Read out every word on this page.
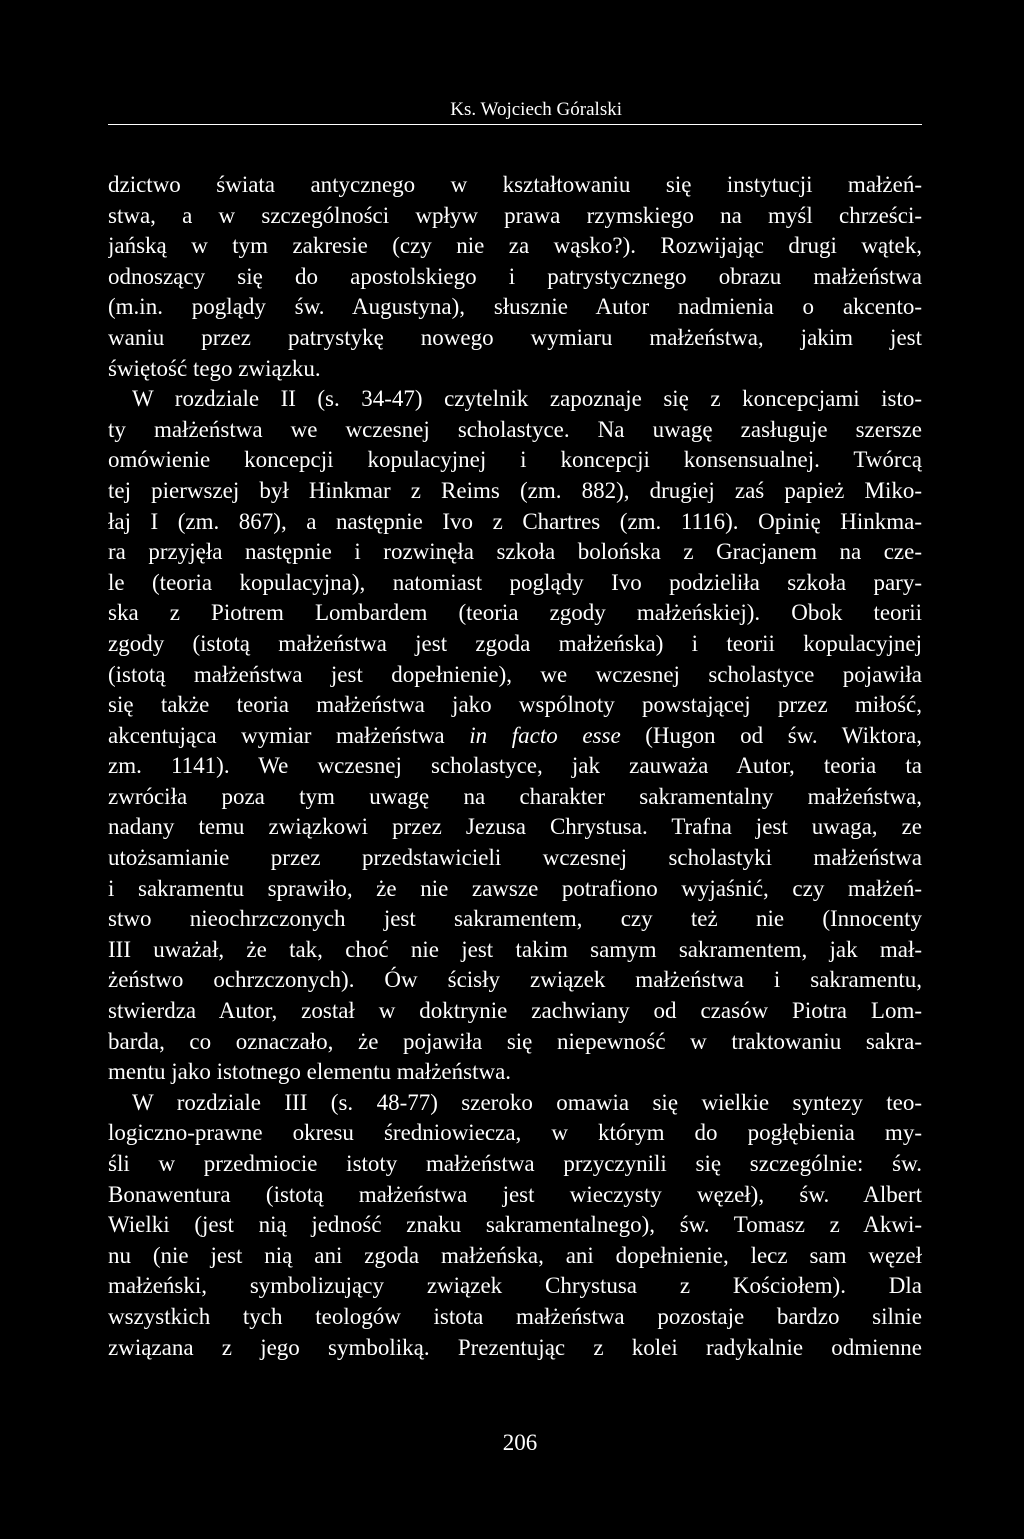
Ks. Wojciech Góralski
dzictwo świata antycznego w kształtowaniu się instytucji małżeń-
stwa, a w szczególności wpływ prawa rzymskiego na myśl chrześci-
jańską w tym zakresie (czy nie za wąsko?). Rozwijając drugi wątek,
odnoszący się do apostolskiego i patrystycznego obrazu małżeństwa
(m.in. poglądy św. Augustyna), słusznie Autor nadmienia o akcento-
waniu przez patrystykę nowego wymiaru małżeństwa, jakim jest
świętość tego związku.
W rozdziale II (s. 34-47) czytelnik zapoznaje się z koncepcjami isto-
ty małżeństwa we wczesnej scholastyce. Na uwagę zasługuje szersze
omówienie koncepcji kopulacyjnej i koncepcji konsensualnej. Twórcą
tej pierwszej był Hinkmar z Reims (zm. 882), drugiej zaś papież Miko-
łaj I (zm. 867), a następnie Ivo z Chartres (zm. 1116). Opinię Hinkma-
ra przyjęła następnie i rozwinęła szkoła bolońska z Gracjanem na cze-
le (teoria kopulacyjna), natomiast poglądy Ivo podzieliła szkoła pary-
ska z Piotrem Lombardem (teoria zgody małżeńskiej). Obok teorii
zgody (istotą małżeństwa jest zgoda małżeńska) i teorii kopulacyjnej
(istotą małżeństwa jest dopełnienie), we wczesnej scholastyce pojawiła
się także teoria małżeństwa jako wspólnoty powstającej przez miłość,
akcentująca wymiar małżeństwa in facto esse (Hugon od św. Wiktora,
zm. 1141). We wczesnej scholastyce, jak zauważa Autor, teoria ta
zwróciła poza tym uwagę na charakter sakramentalny małżeństwa,
nadany temu związkowi przez Jezusa Chrystusa. Trafna jest uwaga, ze
utożsamianie przez przedstawicieli wczesnej scholastyki małżeństwa
i sakramentu sprawiło, że nie zawsze potrafiono wyjaśnić, czy małżeń-
stwo nieochrzczonych jest sakramentem, czy też nie (Innocenty
III uważał, że tak, choć nie jest takim samym sakramentem, jak mał-
żeństwo ochrzczonych). Ów ścisły związek małżeństwa i sakramentu,
stwierdza Autor, został w doktrynie zachwiany od czasów Piotra Lom-
barda, co oznaczało, że pojawiła się niepewność w traktowaniu sakra-
mentu jako istotnego elementu małżeństwa.
W rozdziale III (s. 48-77) szeroko omawia się wielkie syntezy teo-
logiczno-prawne okresu średniowiecza, w którym do pogłębienia my-
śli w przedmiocie istoty małżeństwa przyczynili się szczególnie: św.
Bonawentura (istotą małżeństwa jest wieczysty węzeł), św. Albert
Wielki (jest nią jedność znaku sakramentalnego), św. Tomasz z Akwi-
nu (nie jest nią ani zgoda małżeńska, ani dopełnienie, lecz sam węzeł
małżeński, symbolizujący związek Chrystusa z Kościołem). Dla
wszystkich tych teologów istota małżeństwa pozostaje bardzo silnie
związana z jego symboliką. Prezentując z kolei radykalnie odmienne
206
